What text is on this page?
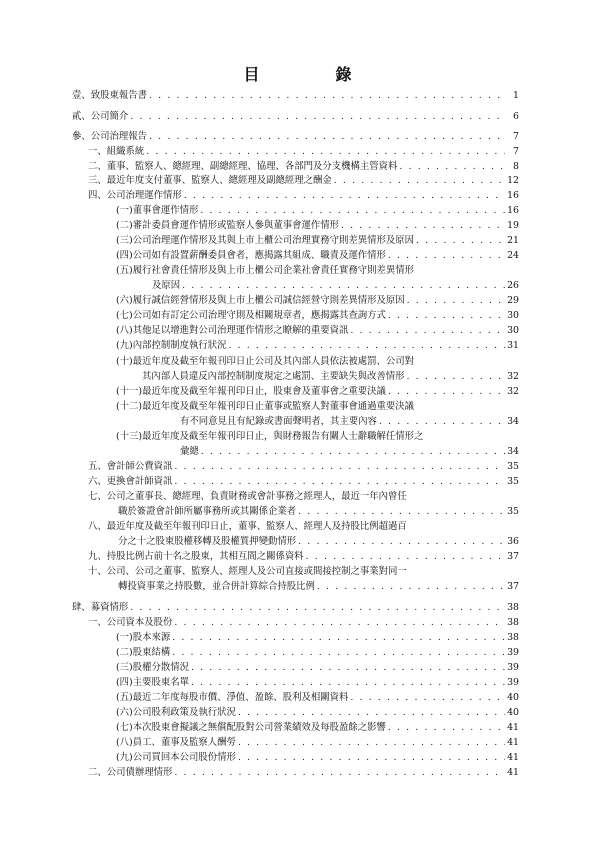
目　錄
壹、致股東報告書 . . .	1
貳、公司簡介 . . .	6
參、公司治理報告 . . .	7
一、組織系統 . . .	7
二、董事、監察人、總經理、副總經理、協理、各部門及分支機構主管資料 . . .	8
三、最近年度支付董事、監察人、總經理及副總經理之酬金 . . .	12
四、公司治理運作情形 . . .	16
(一)董事會運作情形 . . .	16
(二)審計委員會運作情形或監察人參與董事會運作情形 . . .	19
(三)公司治理運作情形及其與上市上櫃公司治理實務守則差異情形及原因 . . .	21
(四)公司如有設置薪酬委員會者，應揭露其組成、職責及運作情形 . . .	24
(五)履行社會責任情形及與上市上櫃公司企業社會責任實務守則差異情形
及原因 . . .	26
(六)履行誠信經營情形及與上市上櫃公司誠信經營守則差異情形及原因 . . .	29
(七)公司如有訂定公司治理守則及相關規章者，應揭露其查詢方式 . . .	30
(八)其他足以增進對公司治理運作情形之瞭解的重要資訊 . . .	30
(九)內部控制制度執行狀況 . . .	31
(十)最近年度及截至年報刊印日止公司及其內部人員依法被處罰、公司對
其內部人員違反內部控制制度規定之處罰、主要缺失與改善情形 . . .	32
(十一)最近年度及截至年報刊印日止，股東會及董事會之重要決議 . . .	32
(十二)最近年度及截至年報刊印日止董事或監察人對董事會通過重要決議
有不同意見且有紀錄或書面聲明者，其主要內容 . . .	34
(十三)最近年度及截至年報刊印日止，與財務報告有關人士辭職解任情形之
彙總 . . .	34
五、會計師公費資訊 . . .	35
六、更換會計師資訊 . . .	35
七、公司之董事長、總經理、負責財務或會計事務之經理人，最近一年內曾任
職於簽證會計師所屬事務所或其關係企業者 . . .	35
八、最近年度及截至年報刊印日止，董事、監察人、經理人及持股比例超過百
分之十之股東股權移轉及股權質押變動情形 . . .	36
九、持股比例占前十名之股東，其相互間之關係資料 . . .	37
十、公司、公司之董事、監察人、經理人及公司直接或間接控制之事業對同一
轉投資事業之持股數，並合併計算綜合持股比例 . . .	37
肆、募資情形 . . .	38
一、公司資本及股份 . . .	38
(一)股本來源 . . .	38
(二)股東結構 . . .	39
(三)股權分散情況 . . .	39
(四)主要股東名單 . . .	39
(五)最近二年度每股市價、淨值、盈餘、股利及相關資料 . . .	40
(六)公司股利政策及執行狀況 . . .	40
(七)本次股東會擬議之無償配股對公司營業績效及每股盈餘之影響 . . .	41
(八)員工、董事及監察人酬勞 . . .	41
(九)公司買回本公司股份情形 . . .	41
二、公司債辦理情形 . . .	41
